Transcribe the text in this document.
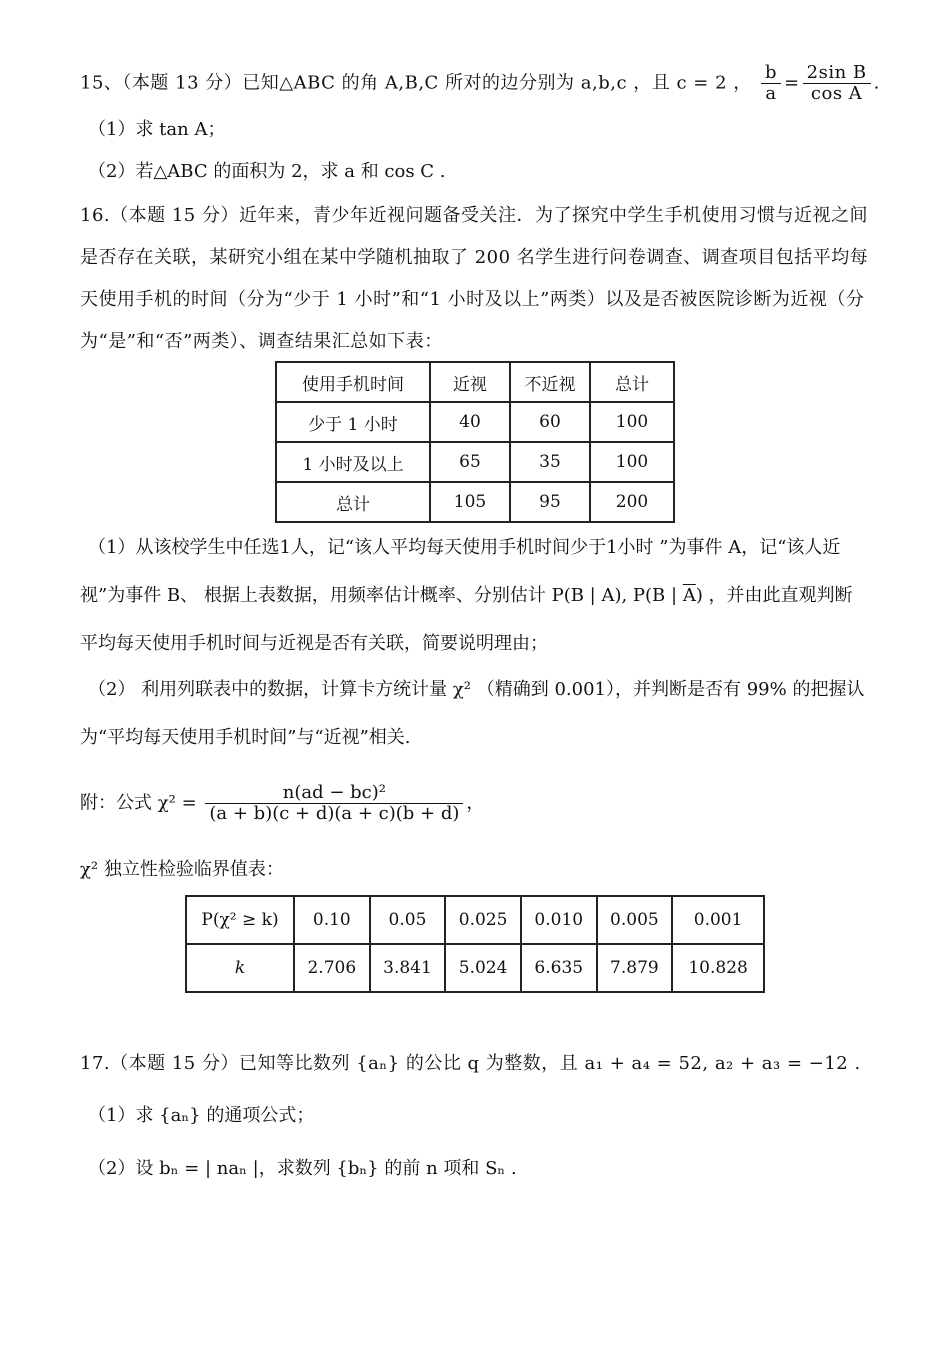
15、（本题 13 分）已知△ABC 的角 A,B,C 所对的边分别为 a,b,c ，且 c = 2 ， $\frac{b}{a} = \frac{\text{2sin B}}{\text{cos A}}$ .
（1）求 tan A；
（2）若△ABC 的面积为 2，求 a 和 cos C .
16.（本题 15 分）近年来，青少年近视问题备受关注．为了探究中学生手机使用习惯与近视之间
是否存在关联，某研究小组在某中学随机抽取了 200 名学生进行问卷调查、调查项目包括平均每
天使用手机的时间（分为“少于 1 小时”和“1 小时及以上”两类）以及是否被医院诊断为近视（分
为“是”和“否”两类）、调查结果汇总如下表：
使用手机时间	近视	不近视	总计
少于 1 小时	40	60	100
1 小时及以上	65	35	100
总计	105	95	200
（1）从该校学生中任选1人，记“该人平均每天使用手机时间少于1小时 ”为事件 A，记“该人近
视”为事件 B、 根据上表数据，用频率估计概率、分别估计 P(B | A), P(B | $\overline{A}$) ，并由此直观判断
平均每天使用手机时间与近视是否有关联，简要说明理由；
（2） 利用列联表中的数据，计算卡方统计量 χ² （精确到 0.001），并判断是否有 99% 的把握认
为“平均每天使用手机时间”与“近视”相关.
附：公式 $\chi^2 = \frac{\text{n(ad − bc)²}}{(a + b)(c + d)(a + c)(b + d)}$ ，
χ² 独立性检验临界值表：
P(χ² ≥ k)	0.10	0.05	0.025	0.010	0.005	0.001
k	2.706	3.841	5.024	6.635	7.879	10.828
17.（本题 15 分）已知等比数列 {aₙ} 的公比 q 为整数，且 a₁ + a₄ = 52, a₂ + a₃ = −12 .
（1）求 {aₙ} 的通项公式；
（2）设 bₙ = | naₙ |，求数列 {bₙ} 的前 n 项和 Sₙ .
